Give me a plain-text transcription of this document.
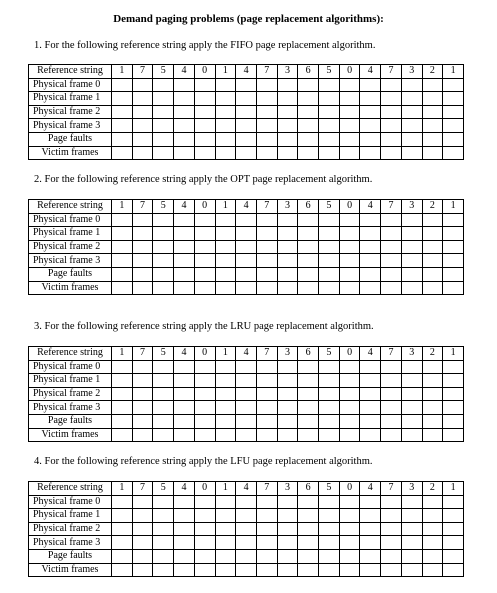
Demand paging problems (page replacement algorithms):
1. For the following reference string apply the FIFO page replacement algorithm.
Reference string	1	7	5	4	0	1	4	7	3	6	5	0	4	7	3	2	1
Physical frame 0																	
Physical frame 1																	
Physical frame 2																	
Physical frame 3																	
Page faults																	
Victim frames																	
2. For the following reference string apply the OPT page replacement algorithm.
Reference string	1	7	5	4	0	1	4	7	3	6	5	0	4	7	3	2	1
Physical frame 0																	
Physical frame 1																	
Physical frame 2																	
Physical frame 3																	
Page faults																	
Victim frames																	
3. For the following reference string apply the LRU page replacement algorithm.
Reference string	1	7	5	4	0	1	4	7	3	6	5	0	4	7	3	2	1
Physical frame 0																	
Physical frame 1																	
Physical frame 2																	
Physical frame 3																	
Page faults																	
Victim frames																	
4. For the following reference string apply the LFU page replacement algorithm.
Reference string	1	7	5	4	0	1	4	7	3	6	5	0	4	7	3	2	1
Physical frame 0																	
Physical frame 1																	
Physical frame 2																	
Physical frame 3																	
Page faults																	
Victim frames																	
